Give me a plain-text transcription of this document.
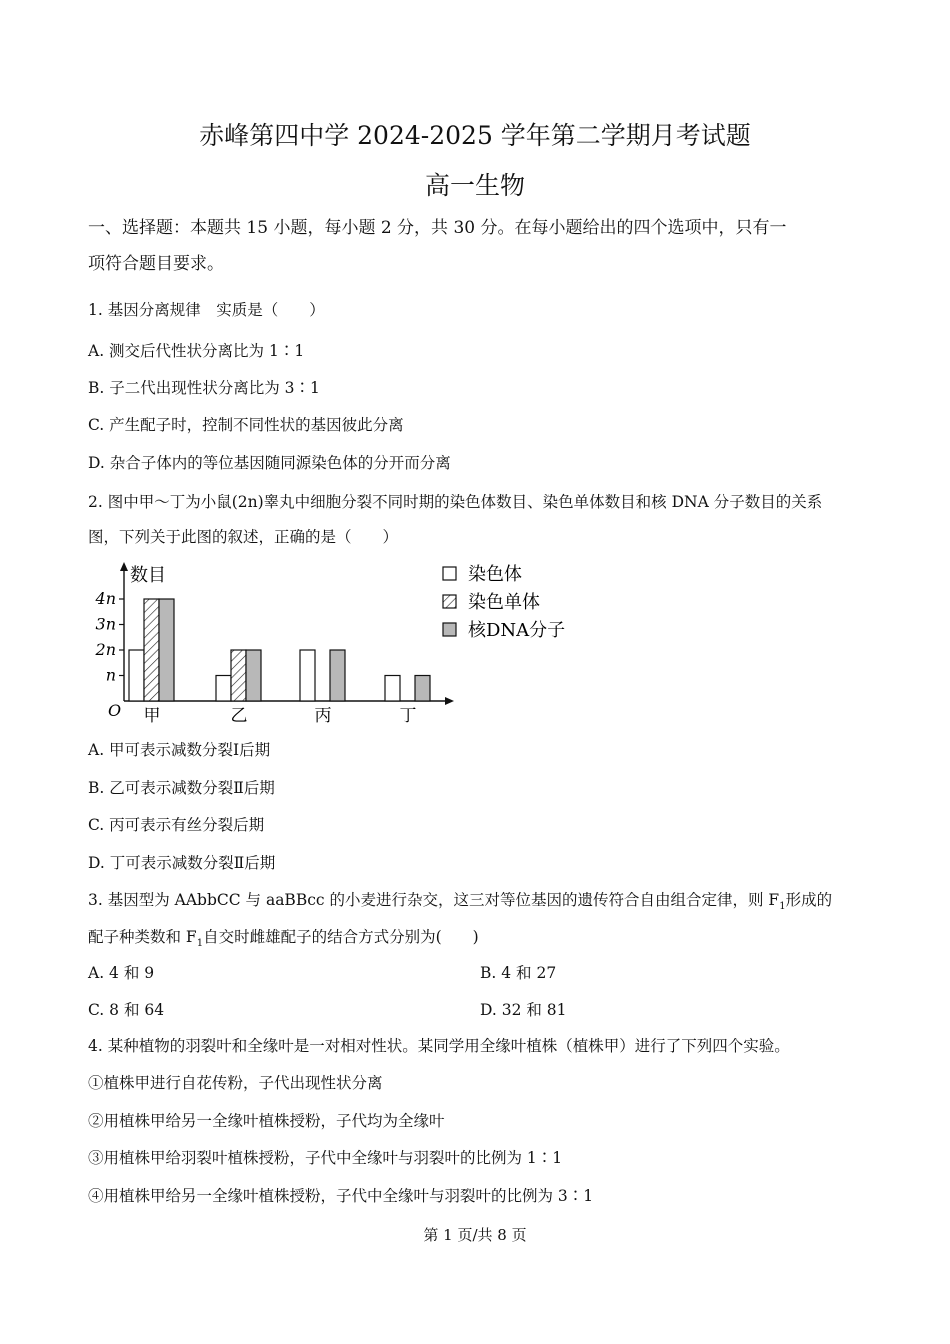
赤峰第四中学 2024-2025 学年第二学期月考试题
高一生物
一、选择题：本题共 15 小题，每小题 2 分，共 30 分。在每小题给出的四个选项中，只有一
项符合题目要求。
1. 基因分离规律　实质是（　　）
A. 测交后代性状分离比为 1∶1
B. 子二代出现性状分离比为 3∶1
C. 产生配子时，控制不同性状的基因彼此分离
D. 杂合子体内的等位基因随同源染色体的分开而分离
2. 图中甲～丁为小鼠(2n)睾丸中细胞分裂不同时期的染色体数目、染色单体数目和核 DNA 分子数目的关系
图，下列关于此图的叙述，正确的是（　　）
数目
O
n
2n
3n
4n
甲	乙	丙	丁
染色体
染色单体
核DNA分子
A. 甲可表示减数分裂Ⅰ后期
B. 乙可表示减数分裂Ⅱ后期
C. 丙可表示有丝分裂后期
D. 丁可表示减数分裂Ⅱ后期
3. 基因型为 AAbbCC 与 aaBBcc 的小麦进行杂交，这三对等位基因的遗传符合自由组合定律，则 $F_1$形成的
配子种类数和 $F_1$自交时雌雄配子的结合方式分别为(　　)
A. 4 和 9	B. 4 和 27
C. 8 和 64	D. 32 和 81
4. 某种植物的羽裂叶和全缘叶是一对相对性状。某同学用全缘叶植株（植株甲）进行了下列四个实验。
①植株甲进行自花传粉，子代出现性状分离
②用植株甲给另一全缘叶植株授粉，子代均为全缘叶
③用植株甲给羽裂叶植株授粉，子代中全缘叶与羽裂叶的比例为 1∶1
④用植株甲给另一全缘叶植株授粉，子代中全缘叶与羽裂叶的比例为 3∶1
第 1 页/共 8 页
